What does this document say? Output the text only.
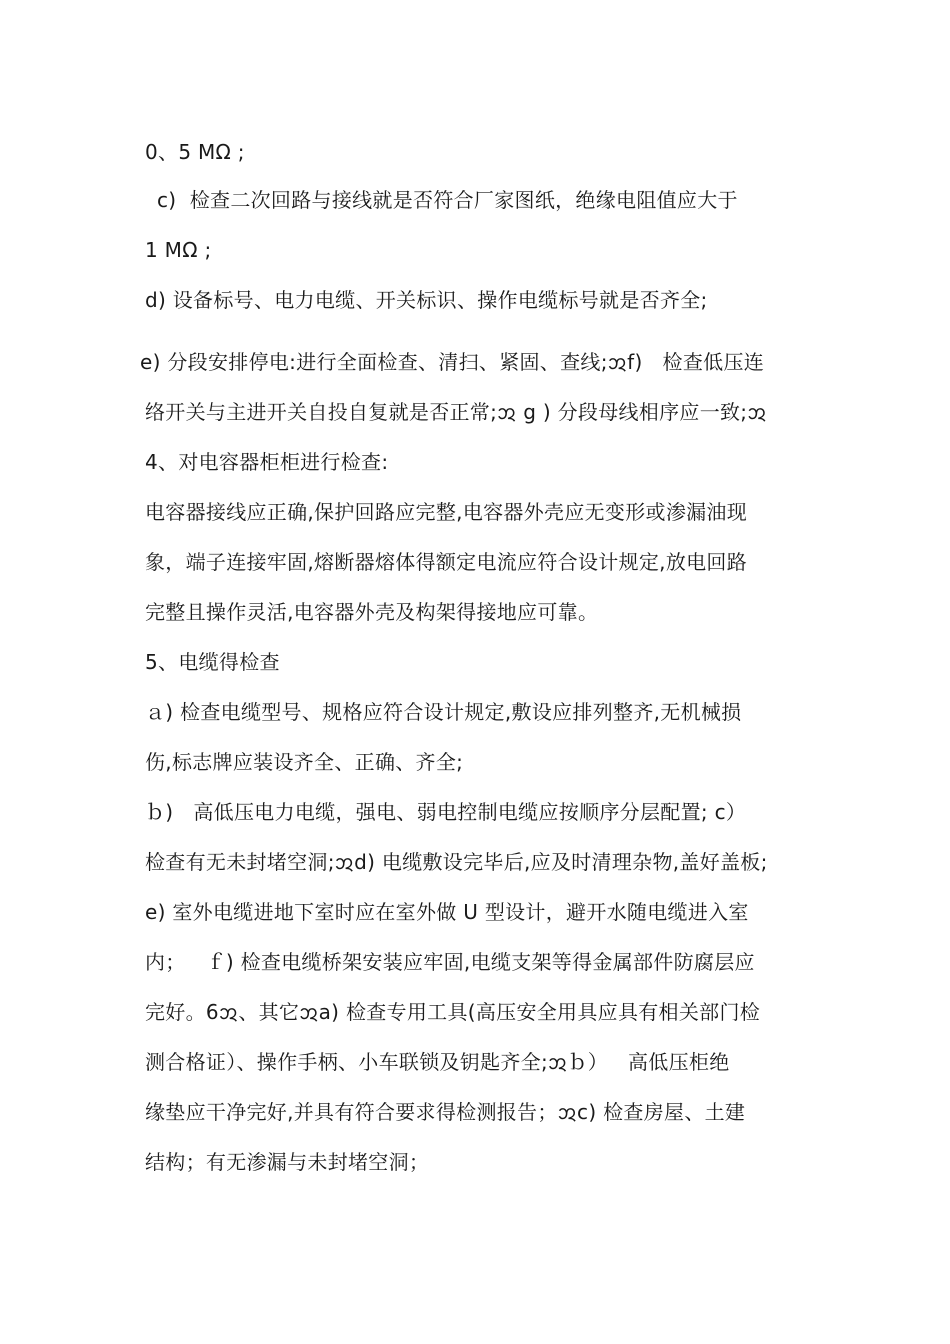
0、5 MΩ ;
c)  检查二次回路与接线就是否符合厂家图纸，绝缘电阻值应大于
1 MΩ ;
d) 设备标号、电力电缆、开关标识、操作电缆标号就是否齐全;
e) 分段安排停电:进行全面检查、清扫、紧固、查线;ᩋf)   检查低压连
络开关与主进开关自投自复就是否正常;ᩋ g ) 分段母线相序应一致;ᩋ
4、对电容器柜柜进行检查:
电容器接线应正确,保护回路应完整,电容器外壳应无变形或渗漏油现
象，端子连接牢固,熔断器熔体得额定电流应符合设计规定,放电回路
完整且操作灵活,电容器外壳及构架得接地应可靠。
5、电缆得检查
ａ) 检查电缆型号、规格应符合设计规定,敷设应排列整齐,无机械损
伤,标志牌应装设齐全、正确、齐全;
ｂ)   高低压电力电缆，强电、弱电控制电缆应按顺序分层配置; c）
检查有无未封堵空洞;ᩋd) 电缆敷设完毕后,应及时清理杂物,盖好盖板;
e) 室外电缆进地下室时应在室外做 U 型设计，避开水随电缆进入室
内；   ｆ) 检查电缆桥架安装应牢固,电缆支架等得金属部件防腐层应
完好。6ᩋ、其它ᩋa) 检查专用工具(高压安全用具应具有相关部门检
测合格证）、操作手柄、小车联锁及钥匙齐全;ᩋｂ）   高低压柜绝
缘垫应干净完好,并具有符合要求得检测报告；ᩋc) 检查房屋、土建
结构；有无渗漏与未封堵空洞；
